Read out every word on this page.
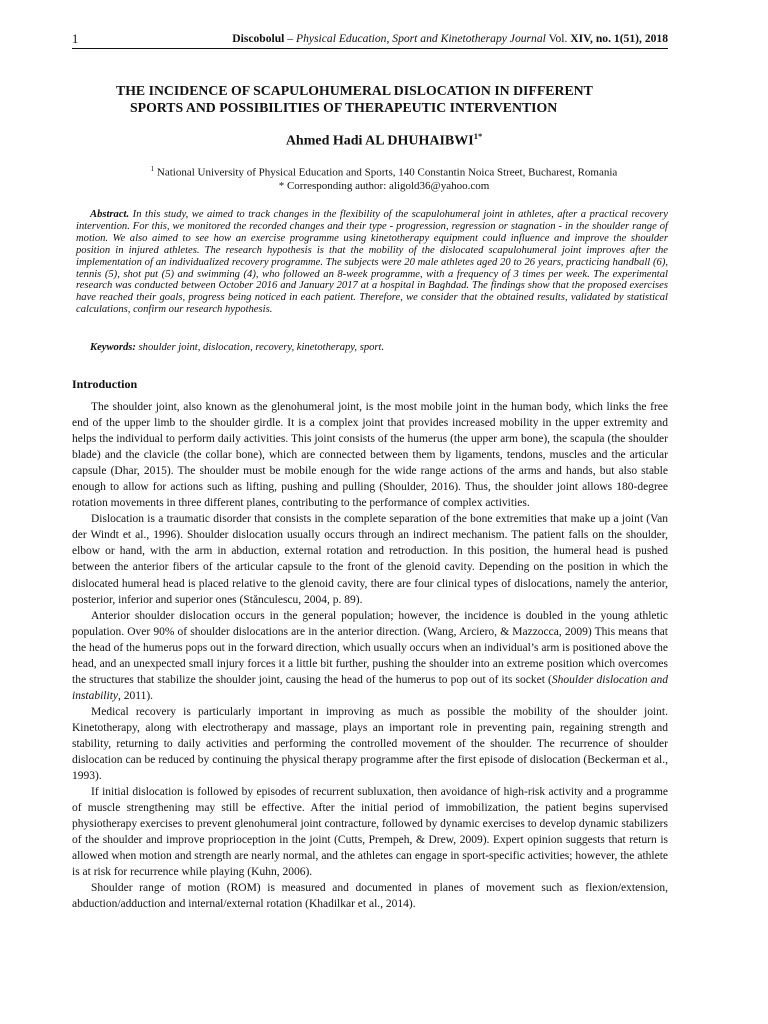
1	Discobolul – Physical Education, Sport and Kinetotherapy Journal Vol. XIV, no. 1(51), 2018
THE INCIDENCE OF SCAPULOHUMERAL DISLOCATION IN DIFFERENT
SPORTS AND POSSIBILITIES OF THERAPEUTIC INTERVENTION
Ahmed Hadi AL $DHUHAIBWI^{1*}$
$^1$ National University of Physical Education and Sports, 140 Constantin Noica Street, Bucharest, Romania
* Corresponding author: aligold36@yahoo.com
Abstract. In this study, we aimed to track changes in the flexibility of the scapulohumeral joint in athletes, after a practical recovery intervention. For this, we monitored the recorded changes and their type - progression, regression or stagnation - in the shoulder range of motion. We also aimed to see how an exercise programme using kinetotherapy equipment could influence and improve the shoulder position in injured athletes. The research hypothesis is that the mobility of the dislocated scapulohumeral joint improves after the implementation of an individualized recovery programme. The subjects were 20 male athletes aged 20 to 26 years, practicing handball (6), tennis (5), shot put (5) and swimming (4), who followed an 8-week programme, with a frequency of 3 times per week. The experimental research was conducted between October 2016 and January 2017 at a hospital in Baghdad. The findings show that the proposed exercises have reached their goals, progress being noticed in each patient. Therefore, we consider that the obtained results, validated by statistical calculations, confirm our research hypothesis.
Keywords: shoulder joint, dislocation, recovery, kinetotherapy, sport.
Introduction

The shoulder joint, also known as the glenohumeral joint, is the most mobile joint in the human body, which links the free end of the upper limb to the shoulder girdle. It is a complex joint that provides increased mobility in the upper extremity and helps the individual to perform daily activities. This joint consists of the humerus (the upper arm bone), the scapula (the shoulder blade) and the clavicle (the collar bone), which are connected between them by ligaments, tendons, muscles and the articular capsule (Dhar, 2015). The shoulder must be mobile enough for the wide range actions of the arms and hands, but also stable enough to allow for actions such as lifting, pushing and pulling (Shoulder, 2016). Thus, the shoulder joint allows 180-degree rotation movements in three different planes, contributing to the performance of complex activities.

Dislocation is a traumatic disorder that consists in the complete separation of the bone extremities that make up a joint (Van der Windt et al., 1996). Shoulder dislocation usually occurs through an indirect mechanism. The patient falls on the shoulder, elbow or hand, with the arm in abduction, external rotation and retroduction. In this position, the humeral head is pushed between the anterior fibers of the articular capsule to the front of the glenoid cavity. Depending on the position in which the dislocated humeral head is placed relative to the glenoid cavity, there are four clinical types of dislocations, namely the anterior, posterior, inferior and superior ones (Stănculescu, 2004, p. 89).

Anterior shoulder dislocation occurs in the general population; however, the incidence is doubled in the young athletic population. Over 90% of shoulder dislocations are in the anterior direction. (Wang, Arciero, & Mazzocca, 2009) This means that the head of the humerus pops out in the forward direction, which usually occurs when an individual’s arm is positioned above the head, and an unexpected small injury forces it a little bit further, pushing the shoulder into an extreme position which overcomes the structures that stabilize the shoulder joint, causing the head of the humerus to pop out of its socket (Shoulder dislocation and instability, 2011).

Medical recovery is particularly important in improving as much as possible the mobility of the shoulder joint. Kinetotherapy, along with electrotherapy and massage, plays an important role in preventing pain, regaining strength and stability, returning to daily activities and performing the controlled movement of the shoulder. The recurrence of shoulder dislocation can be reduced by continuing the physical therapy programme after the first episode of dislocation (Beckerman et al., 1993).

If initial dislocation is followed by episodes of recurrent subluxation, then avoidance of high-risk activity and a programme of muscle strengthening may still be effective. After the initial period of immobilization, the patient begins supervised physiotherapy exercises to prevent glenohumeral joint contracture, followed by dynamic exercises to develop dynamic stabilizers of the shoulder and improve proprioception in the joint (Cutts, Prempeh, & Drew, 2009). Expert opinion suggests that return is allowed when motion and strength are nearly normal, and the athletes can engage in sport-specific activities; however, the athlete is at risk for recurrence while playing (Kuhn, 2006).

Shoulder range of motion (ROM) is measured and documented in planes of movement such as flexion/extension, abduction/adduction and internal/external rotation (Khadilkar et al., 2014).
